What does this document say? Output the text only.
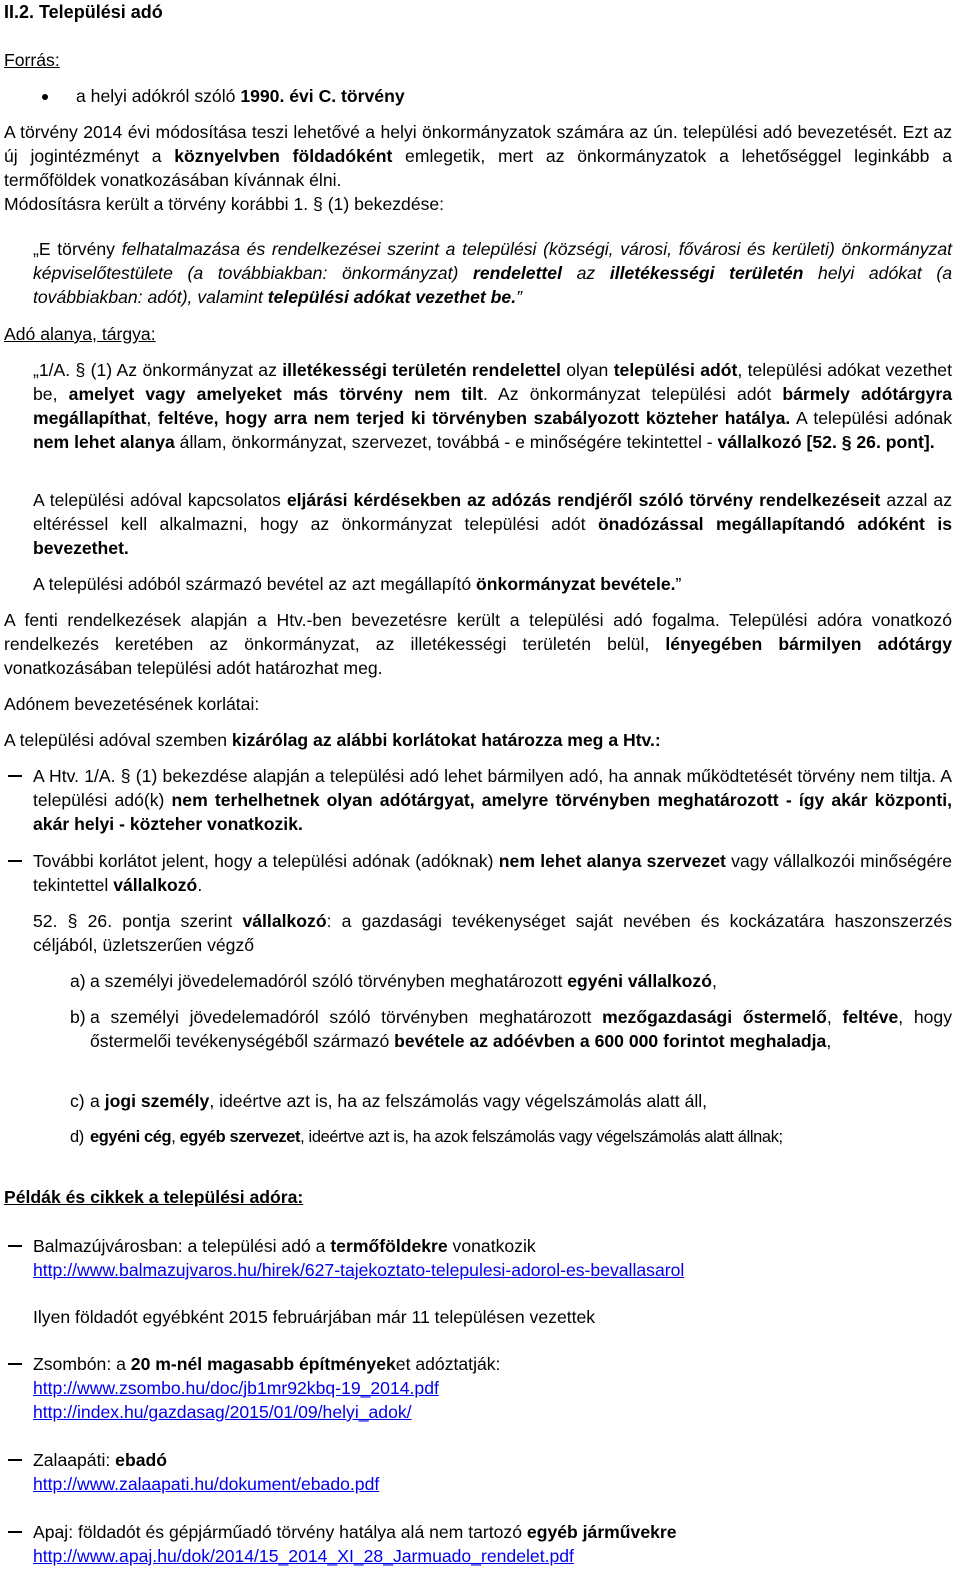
II.2. Települési adó
Forrás:
a helyi adókról szóló 1990. évi C. törvény
A törvény 2014 évi módosítása teszi lehetővé a helyi önkormányzatok számára az ún. települési adó bevezetését. Ezt az új jogintézményt a köznyelvben földadóként emlegetik, mert az önkormányzatok a lehetőséggel leginkább a termőföldek vonatkozásában kívánnak élni.
Módosításra került a törvény korábbi 1. § (1) bekezdése:
„E törvény felhatalmazása és rendelkezései szerint a települési (községi, városi, fővárosi és kerületi) önkormányzat képviselőtestülete (a továbbiakban: önkormányzat) rendelettel az illetékességi területén helyi adókat (a továbbiakban: adót), valamint települési adókat vezethet be.”
Adó alanya, tárgya:
„1/A. § (1) Az önkormányzat az illetékességi területén rendelettel olyan települési adót, települési adókat vezethet be, amelyet vagy amelyeket más törvény nem tilt. Az önkormányzat települési adót bármely adótárgyra megállapíthat, feltéve, hogy arra nem terjed ki törvényben szabályozott közteher hatálya. A települési adónak nem lehet alanya állam, önkormányzat, szervezet, továbbá - e minőségére tekintettel - vállalkozó [52. § 26. pont].
A települési adóval kapcsolatos eljárási kérdésekben az adózás rendjéről szóló törvény rendelkezéseit azzal az eltéréssel kell alkalmazni, hogy az önkormányzat települési adót önadózással megállapítandó adóként is bevezethet.
A települési adóból származó bevétel az azt megállapító önkormányzat bevétele.”
A fenti rendelkezések alapján a Htv.-ben bevezetésre került a települési adó fogalma. Települési adóra vonatkozó rendelkezés keretében az önkormányzat, az illetékességi területén belül, lényegében bármilyen adótárgy vonatkozásában települési adót határozhat meg.
Adónem bevezetésének korlátai:
A települési adóval szemben kizárólag az alábbi korlátokat határozza meg a Htv.:
A Htv. 1/A. § (1) bekezdése alapján a települési adó lehet bármilyen adó, ha annak működtetését törvény nem tiltja. A települési adó(k) nem terhelhetnek olyan adótárgyat, amelyre törvényben meghatározott - így akár központi, akár helyi - közteher vonatkozik.
További korlátot jelent, hogy a települési adónak (adóknak) nem lehet alanya szervezet vagy vállalkozói minőségére tekintettel vállalkozó.
52. § 26. pontja szerint vállalkozó: a gazdasági tevékenységet saját nevében és kockázatára haszonszerzés céljából, üzletszerűen végző
a) a személyi jövedelemadóról szóló törvényben meghatározott egyéni vállalkozó,
b) a személyi jövedelemadóról szóló törvényben meghatározott mezőgazdasági őstermelő, feltéve, hogy őstermelői tevékenységéből származó bevétele az adóévben a 600 000 forintot meghaladja,
c) a jogi személy, ideértve azt is, ha az felszámolás vagy végelszámolás alatt áll,
d) egyéni cég, egyéb szervezet, ideértve azt is, ha azok felszámolás vagy végelszámolás alatt állnak;
Példák és cikkek a települési adóra:
Balmazújvárosban: a települési adó a termőföldekre vonatkozik
http://www.balmazujvaros.hu/hirek/627-tajekoztato-telepulesi-adorol-es-bevallasarol
Ilyen földadót egyébként 2015 februárjában már 11 településen vezettek
Zsombón: a 20 m-nél magasabb építményeket adóztatják:
http://www.zsombo.hu/doc/jb1mr92kbq-19_2014.pdf
http://index.hu/gazdasag/2015/01/09/helyi_adok/
Zalaapáti: ebadó
http://www.zalaapati.hu/dokument/ebado.pdf
Apaj: földadót és gépjárműadó törvény hatálya alá nem tartozó egyéb járművekre
http://www.apaj.hu/dok/2014/15_2014_XI_28_Jarmuado_rendelet.pdf
